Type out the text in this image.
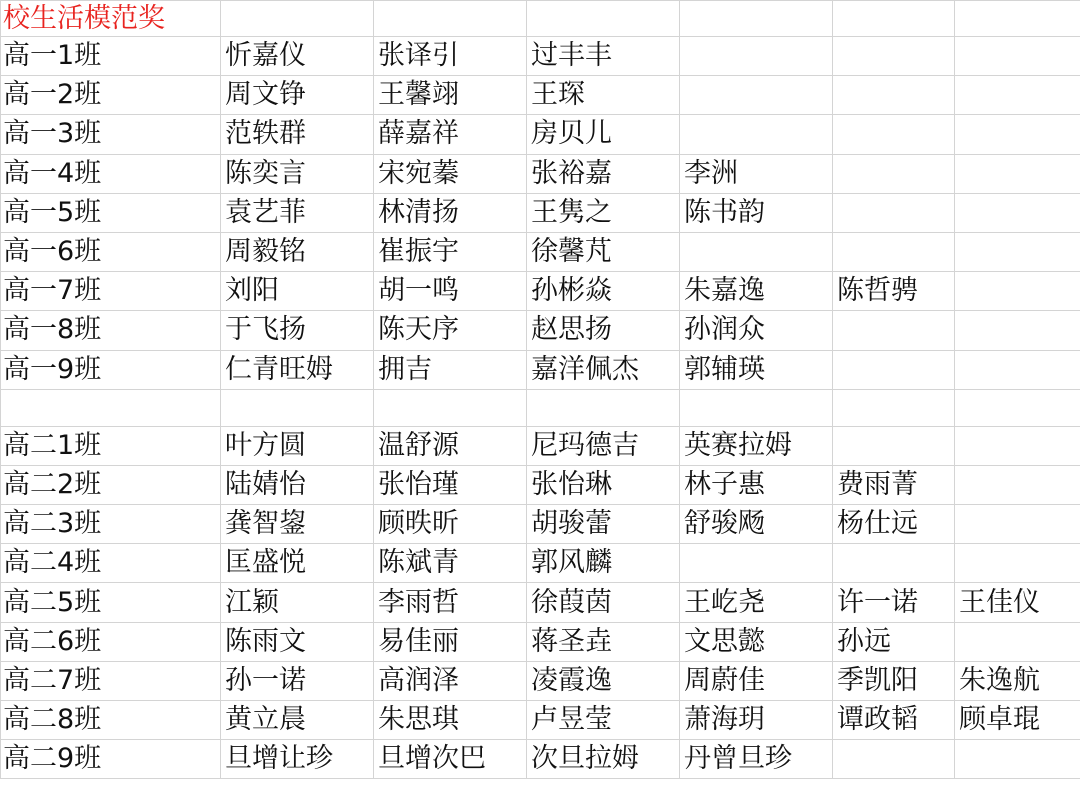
校生活模范奖						
高一1班	忻嘉仪	张译引	过丰丰			
高一2班	周文铮	王馨翊	王琛			
高一3班	范轶群	薛嘉祥	房贝儿			
高一4班	陈奕言	宋宛蓁	张裕嘉	李洲		
高一5班	袁艺菲	林清扬	王隽之	陈书韵		
高一6班	周毅铭	崔振宇	徐馨芃			
高一7班	刘阳	胡一鸣	孙彬焱	朱嘉逸	陈哲骋	
高一8班	于飞扬	陈天序	赵思扬	孙润众		
高一9班	仁青旺姆	拥吉	嘉洋佩杰	郭辅瑛		

高二1班	叶方圆	温舒源	尼玛德吉	英赛拉姆		
高二2班	陆婧怡	张怡瑾	张怡琳	林子惠	费雨菁	
高二3班	龚智鋆	顾昳昕	胡骏蕾	舒骏飏	杨仕远	
高二4班	匡盛悦	陈斌青	郭风麟			
高二5班	江颖	李雨哲	徐葭茵	王屹尧	许一诺	王佳仪
高二6班	陈雨文	易佳丽	蒋圣垚	文思懿	孙远	
高二7班	孙一诺	高润泽	凌霞逸	周蔚佳	季凯阳	朱逸航
高二8班	黄立晨	朱思琪	卢昱莹	萧海玥	谭政韬	顾卓琨
高二9班	旦增让珍	旦增次巴	次旦拉姆	丹曾旦珍		
